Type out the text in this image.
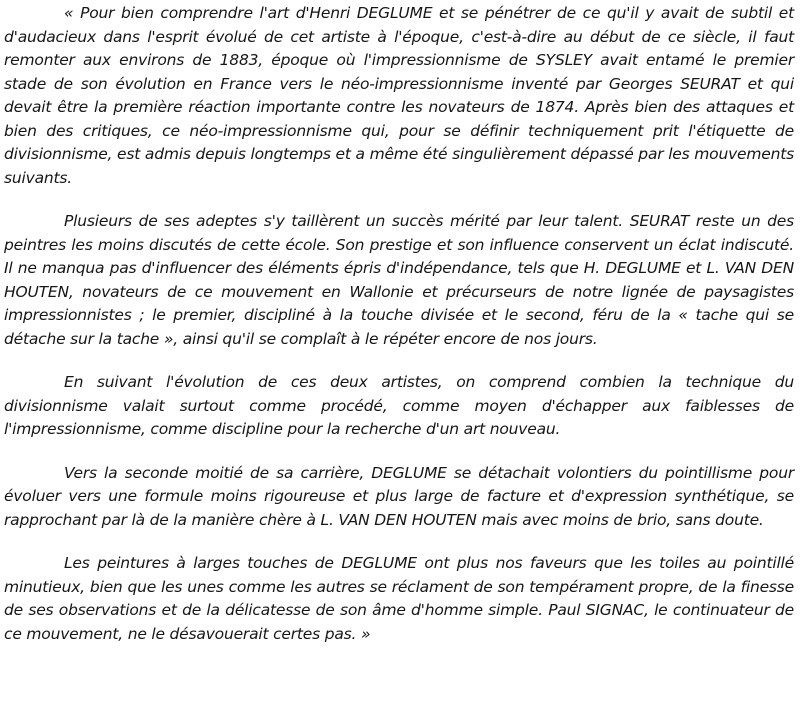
« Pour bien comprendre l'art d'Henri DEGLUME et se pénétrer de ce qu'il y avait de subtil et d'audacieux dans l'esprit évolué de cet artiste à l'époque, c'est-à-dire au début de ce siècle, il faut remonter aux environs de 1883, époque où l'impressionnisme de SYSLEY avait entamé le premier stade de son évolution en France vers le néo-impressionnisme inventé par Georges SEURAT et qui devait être la première réaction importante contre les novateurs de 1874. Après bien des attaques et bien des critiques, ce néo-impressionnisme qui, pour se définir techniquement prit l'étiquette de divisionnisme, est admis depuis longtemps et a même été singulièrement dépassé par les mouvements suivants.

Plusieurs de ses adeptes s'y taillèrent un succès mérité par leur talent. SEURAT reste un des peintres les moins discutés de cette école. Son prestige et son influence conservent un éclat indiscuté. Il ne manqua pas d'influencer des éléments épris d'indépendance, tels que H. DEGLUME et L. VAN DEN HOUTEN, novateurs de ce mouvement en Wallonie et précurseurs de notre lignée de paysagistes impressionnistes ; le premier, discipliné à la touche divisée et le second, féru de la « tache qui se détache sur la tache », ainsi qu'il se complaît à le répéter encore de nos jours.

En suivant l'évolution de ces deux artistes, on comprend combien la technique du divisionnisme valait surtout comme procédé, comme moyen d'échapper aux faiblesses de l'impressionnisme, comme discipline pour la recherche d'un art nouveau.

Vers la seconde moitié de sa carrière, DEGLUME se détachait volontiers du pointillisme pour évoluer vers une formule moins rigoureuse et plus large de facture et d'expression synthétique, se rapprochant par là de la manière chère à L. VAN DEN HOUTEN mais avec moins de brio, sans doute.

Les peintures à larges touches de DEGLUME ont plus nos faveurs que les toiles au pointillé minutieux, bien que les unes comme les autres se réclament de son tempérament propre, de la finesse de ses observations et de la délicatesse de son âme d'homme simple. Paul SIGNAC, le continuateur de ce mouvement, ne le désavouerait certes pas. »
